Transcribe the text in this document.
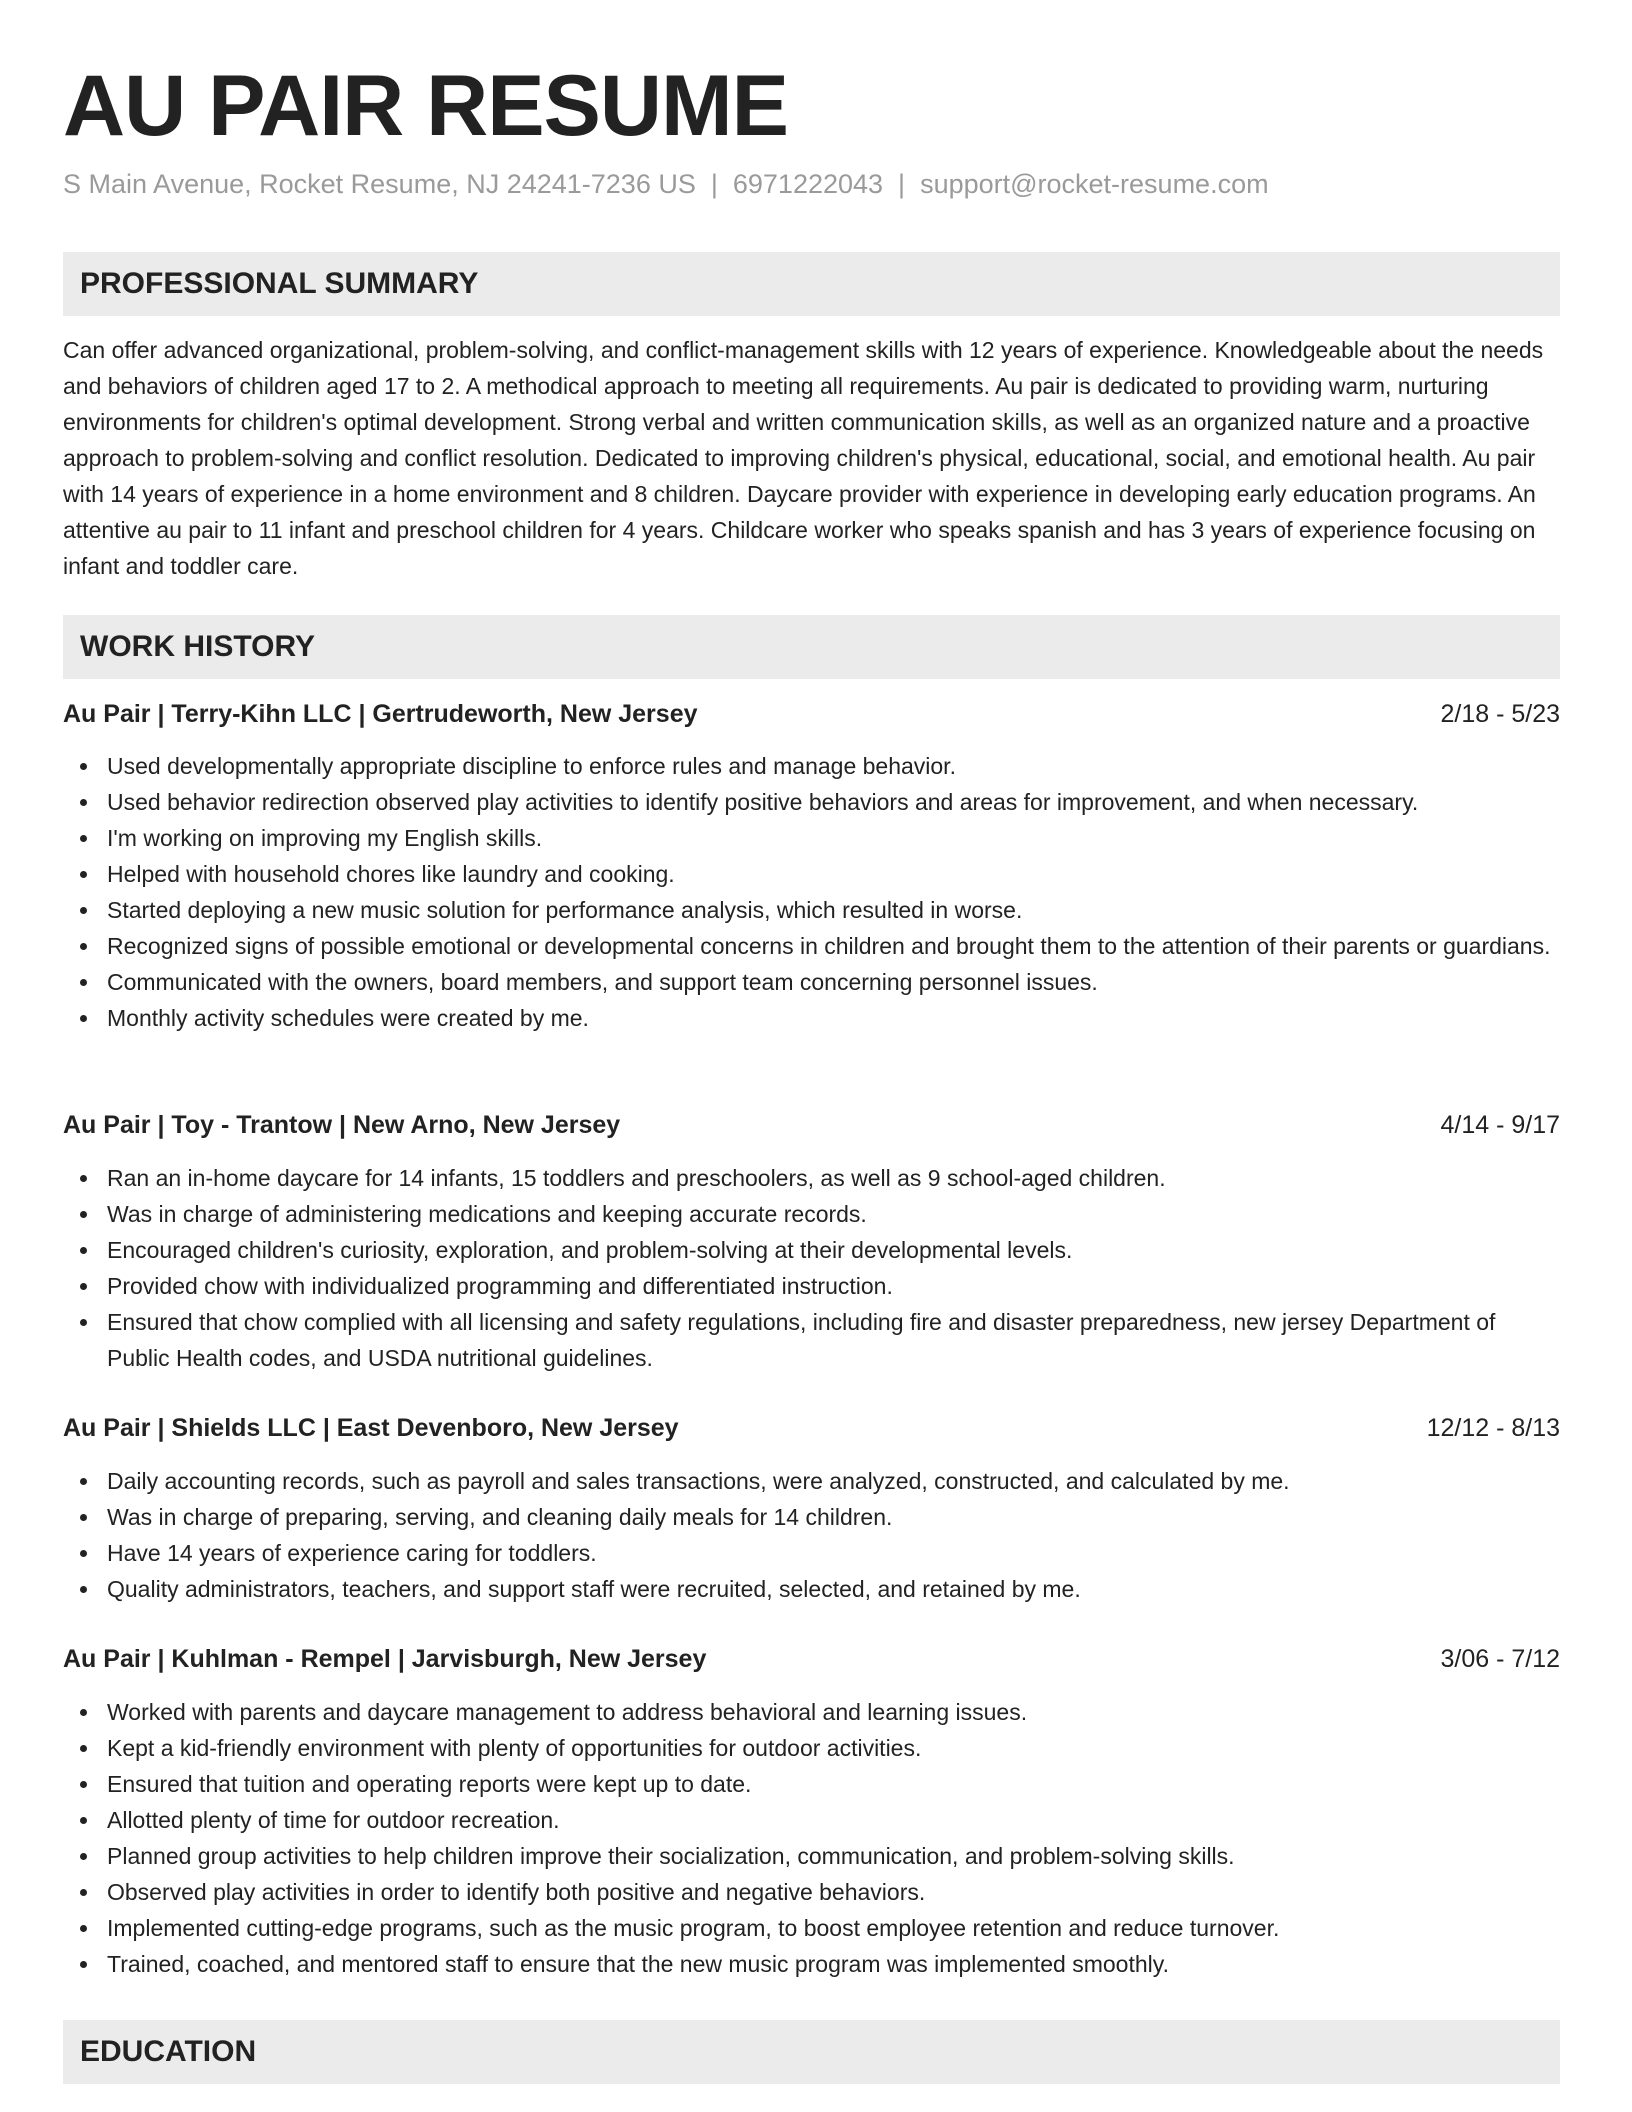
AU PAIR RESUME
S Main Avenue, Rocket Resume, NJ 24241-7236 US | 6971222043 | support@rocket-resume.com
PROFESSIONAL SUMMARY

Can offer advanced organizational, problem-solving, and conflict-management skills with 12 years of experience. Knowledgeable about the needs and behaviors of children aged 17 to 2. A methodical approach to meeting all requirements. Au pair is dedicated to providing warm, nurturing environments for children's optimal development. Strong verbal and written communication skills, as well as an organized nature and a proactive approach to problem-solving and conflict resolution. Dedicated to improving children's physical, educational, social, and emotional health. Au pair with 14 years of experience in a home environment and 8 children. Daycare provider with experience in developing early education programs. An attentive au pair to 11 infant and preschool children for 4 years. Childcare worker who speaks spanish and has 3 years of experience focusing on infant and toddler care.

WORK HISTORY
Au Pair | Terry-Kihn LLC | Gertrudeworth, New Jersey	2/18 - 5/23
Used developmentally appropriate discipline to enforce rules and manage behavior.
Used behavior redirection observed play activities to identify positive behaviors and areas for improvement, and when necessary.
I'm working on improving my English skills.
Helped with household chores like laundry and cooking.
Started deploying a new music solution for performance analysis, which resulted in worse.
Recognized signs of possible emotional or developmental concerns in children and brought them to the attention of their parents or guardians.
Communicated with the owners, board members, and support team concerning personnel issues.
Monthly activity schedules were created by me.
Au Pair | Toy - Trantow | New Arno, New Jersey	4/14 - 9/17
Ran an in-home daycare for 14 infants, 15 toddlers and preschoolers, as well as 9 school-aged children.
Was in charge of administering medications and keeping accurate records.
Encouraged children's curiosity, exploration, and problem-solving at their developmental levels.
Provided chow with individualized programming and differentiated instruction.
Ensured that chow complied with all licensing and safety regulations, including fire and disaster preparedness, new jersey Department of Public Health codes, and USDA nutritional guidelines.
Au Pair | Shields LLC | East Devenboro, New Jersey	12/12 - 8/13
Daily accounting records, such as payroll and sales transactions, were analyzed, constructed, and calculated by me.
Was in charge of preparing, serving, and cleaning daily meals for 14 children.
Have 14 years of experience caring for toddlers.
Quality administrators, teachers, and support staff were recruited, selected, and retained by me.
Au Pair | Kuhlman - Rempel | Jarvisburgh, New Jersey	3/06 - 7/12
Worked with parents and daycare management to address behavioral and learning issues.
Kept a kid-friendly environment with plenty of opportunities for outdoor activities.
Ensured that tuition and operating reports were kept up to date.
Allotted plenty of time for outdoor recreation.
Planned group activities to help children improve their socialization, communication, and problem-solving skills.
Observed play activities in order to identify both positive and negative behaviors.
Implemented cutting-edge programs, such as the music program, to boost employee retention and reduce turnover.
Trained, coached, and mentored staff to ensure that the new music program was implemented smoothly.
EDUCATION
